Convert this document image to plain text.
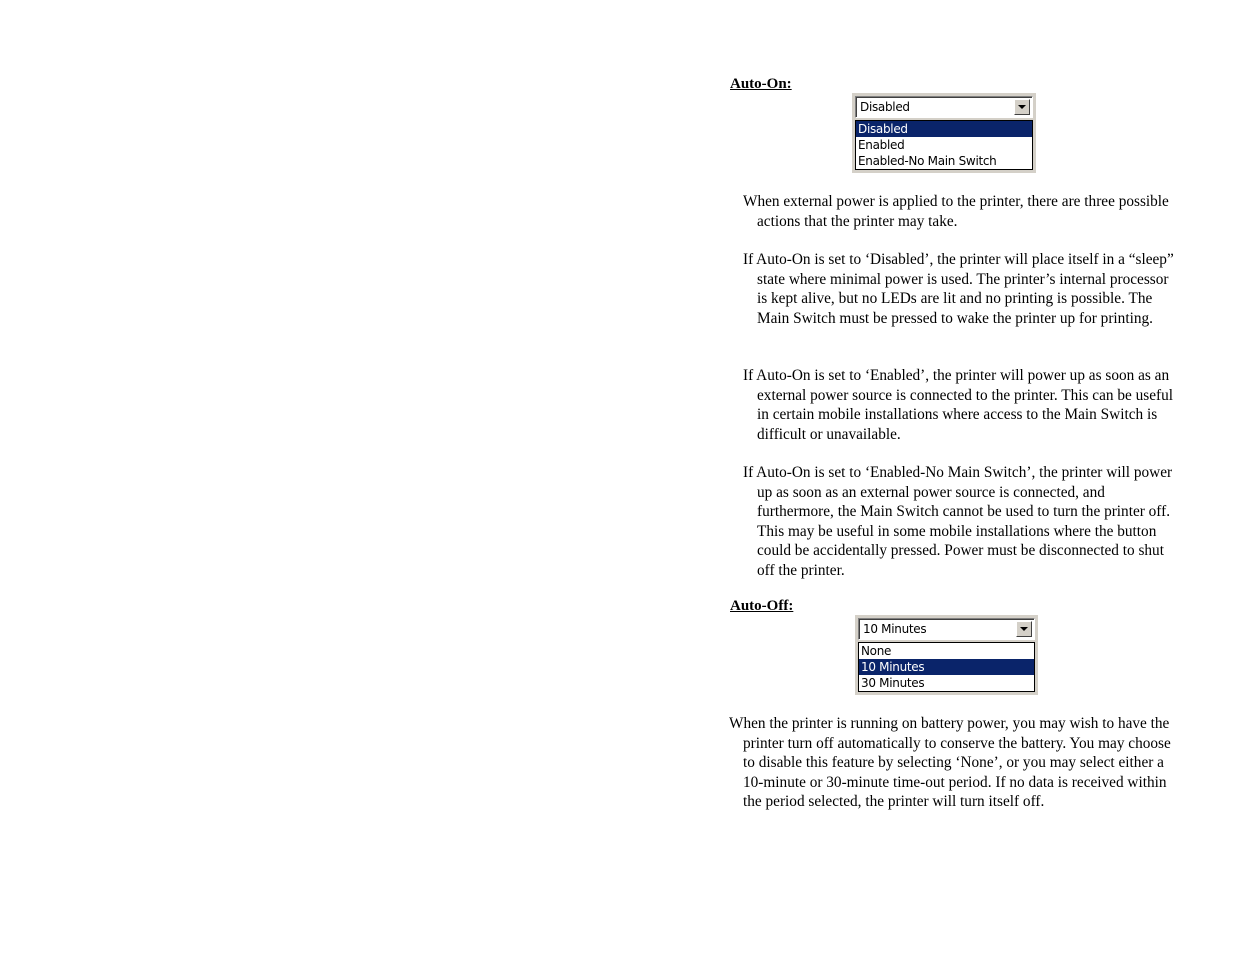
Auto-On:

Disabled
Disabled
Enabled
Enabled-No Main Switch

When external power is applied to the printer, there are three possible actions that the printer may take.

If Auto-On is set to ‘Disabled’, the printer will place itself in a “sleep” state where minimal power is used. The printer’s internal processor is kept alive, but no LEDs are lit and no printing is possible. The Main Switch must be pressed to wake the printer up for printing.

If Auto-On is set to ‘Enabled’, the printer will power up as soon as an external power source is connected to the printer. This can be useful in certain mobile installations where access to the Main Switch is difficult or unavailable.

If Auto-On is set to ‘Enabled-No Main Switch’, the printer will power up as soon as an external power source is connected, and furthermore, the Main Switch cannot be used to turn the printer off. This may be useful in some mobile installations where the button could be accidentally pressed. Power must be disconnected to shut off the printer.

Auto-Off:

10 Minutes
None
10 Minutes
30 Minutes

When the printer is running on battery power, you may wish to have the printer turn off automatically to conserve the battery. You may choose to disable this feature by selecting ‘None’, or you may select either a 10-minute or 30-minute time-out period. If no data is received within the period selected, the printer will turn itself off.
